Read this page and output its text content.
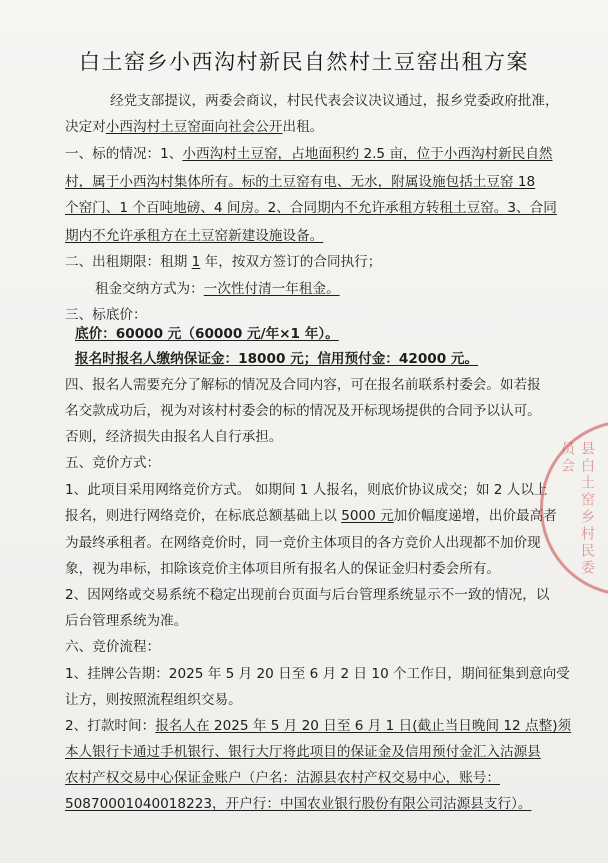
白土窑乡小西沟村新民自然村土豆窑出租方案
经党支部提议，两委会商议，村民代表会议决议通过，报乡党委政府批准，
决定对小西沟村土豆窑面向社会公开出租。
一、标的情况：1、小西沟村土豆窑，占地面积约 2.5 亩，位于小西沟村新民自然
村，属于小西沟村集体所有。标的土豆窑有电、无水，附属设施包括土豆窑 18
个窑门、1 个百吨地磅、4 间房。2、合同期内不允许承租方转租土豆窑。3、合同
期内不允许承租方在土豆窑新建设施设备。
二、出租期限：租期 1 年，按双方签订的合同执行；
租金交纳方式为：一次性付清一年租金。
三、标底价：
底价：60000 元（60000 元/年×1 年）。
报名时报名人缴纳保证金：18000 元；信用预付金：42000 元。
四、报名人需要充分了解标的情况及合同内容，可在报名前联系村委会。如若报
名交款成功后，视为对该村村委会的标的情况及开标现场提供的合同予以认可。
否则，经济损失由报名人自行承担。
五、竞价方式：
1、此项目采用网络竞价方式。 如期间 1 人报名，则底价协议成交；如 2 人以上
报名，则进行网络竞价，在标底总额基础上以 5000 元加价幅度递增，出价最高者
为最终承租者。在网络竞价时，同一竞价主体项目的各方竞价人出现都不加价现
象，视为串标，扣除该竞价主体项目所有报名人的保证金归村委会所有。
2、因网络或交易系统不稳定出现前台页面与后台管理系统显示不一致的情况，以
后台管理系统为准。
六、竞价流程：
1、挂牌公告期：2025 年 5 月 20 日至 6 月 2 日 10 个工作日，期间征集到意向受
让方，则按照流程组织交易。
2、打款时间：报名人在 2025 年 5 月 20 日至 6 月 1 日(截止当日晚间 12 点整)须
本人银行卡通过手机银行、银行大厅将此项目的保证金及信用预付金汇入沽源县
农村产权交易中心保证金账户（户名：沽源县农村产权交易中心，账号：
50870001040018223，开户行：中国农业银行股份有限公司沽源县支行）。
县白土窑乡村民委员会
